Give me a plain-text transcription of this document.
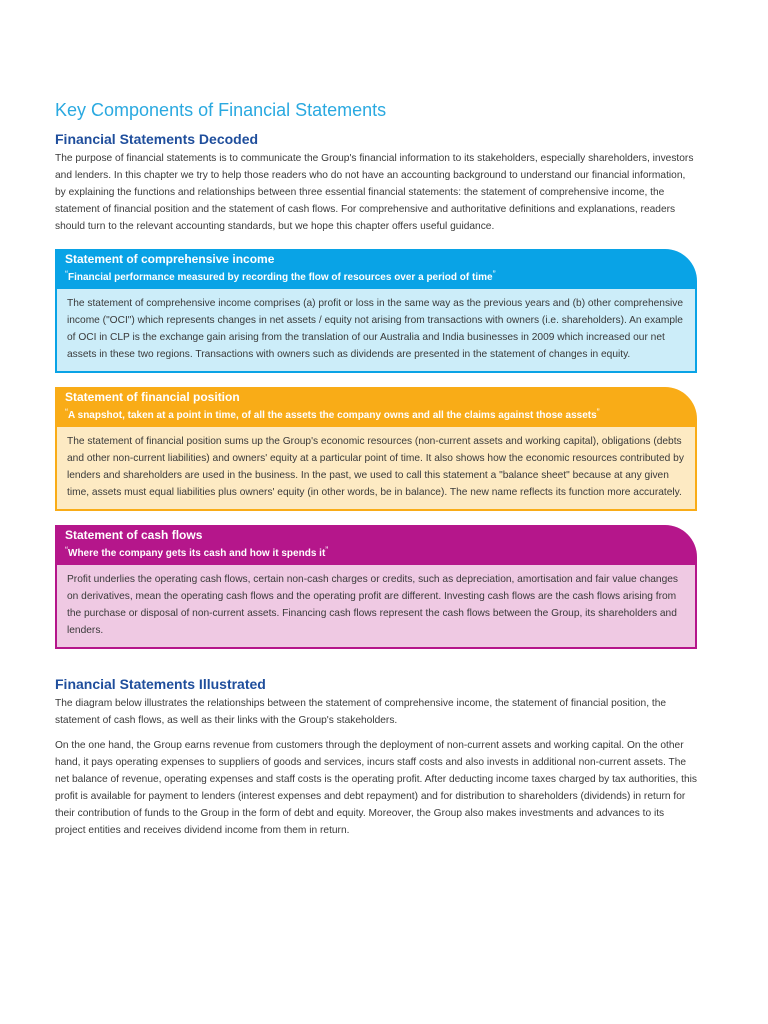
Key Components of Financial Statements
Financial Statements Decoded

The purpose of financial statements is to communicate the Group's financial information to its stakeholders, especially shareholders, investors and lenders. In this chapter we try to help those readers who do not have an accounting background to understand our financial information, by explaining the functions and relationships between three essential financial statements: the statement of comprehensive income, the statement of financial position and the statement of cash flows. For comprehensive and authoritative definitions and explanations, readers should turn to the relevant accounting standards, but we hope this chapter offers useful guidance.

Statement of comprehensive income
“Financial performance measured by recording the flow of resources over a period of time”
The statement of comprehensive income comprises (a) profit or loss in the same way as the previous years and (b) other comprehensive income ("OCI") which represents changes in net assets / equity not arising from transactions with owners (i.e. shareholders). An example of OCI in CLP is the exchange gain arising from the translation of our Australia and India businesses in 2009 which increased our net assets in these two regions. Transactions with owners such as dividends are presented in the statement of changes in equity.
Statement of financial position
“A snapshot, taken at a point in time, of all the assets the company owns and all the claims against those assets”
The statement of financial position sums up the Group's economic resources (non-current assets and working capital), obligations (debts and other non-current liabilities) and owners' equity at a particular point of time. It also shows how the economic resources contributed by lenders and shareholders are used in the business. In the past, we used to call this statement a "balance sheet" because at any given time, assets must equal liabilities plus owners' equity (in other words, be in balance). The new name reflects its function more accurately.
Statement of cash flows
“Where the company gets its cash and how it spends it”
Profit underlies the operating cash flows, certain non-cash charges or credits, such as depreciation, amortisation and fair value changes on derivatives, mean the operating cash flows and the operating profit are different. Investing cash flows are the cash flows arising from the purchase or disposal of non-current assets. Financing cash flows represent the cash flows between the Group, its shareholders and lenders.
Financial Statements Illustrated

The diagram below illustrates the relationships between the statement of comprehensive income, the statement of financial position, the statement of cash flows, as well as their links with the Group's stakeholders.

On the one hand, the Group earns revenue from customers through the deployment of non-current assets and working capital. On the other hand, it pays operating expenses to suppliers of goods and services, incurs staff costs and also invests in additional non-current assets. The net balance of revenue, operating expenses and staff costs is the operating profit. After deducting income taxes charged by tax authorities, this profit is available for payment to lenders (interest expenses and debt repayment) and for distribution to shareholders (dividends) in return for their contribution of funds to the Group in the form of debt and equity. Moreover, the Group also makes investments and advances to its project entities and receives dividend income from them in return.
